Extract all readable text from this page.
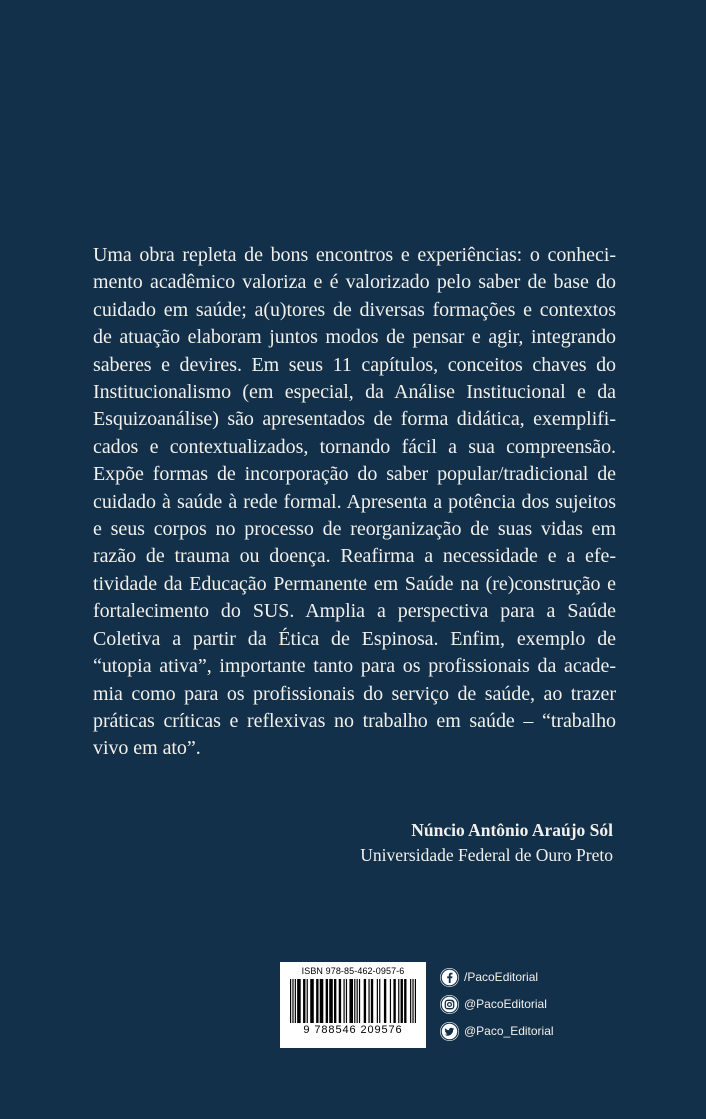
Uma obra repleta de bons encontros e experiências: o conhecimento acadêmico valoriza e é valorizado pelo saber de base do cuidado em saúde; a(u)tores de diversas formações e contextos de atuação elaboram juntos modos de pensar e agir, integrando saberes e devires. Em seus 11 capítulos, conceitos chaves do Institucionalismo (em especial, da Análise Institucional e da Esquizoanálise) são apresentados de forma didática, exemplificados e contextualizados, tornando fácil a sua compreensão. Expõe formas de incorporação do saber popular/tradicional de cuidado à saúde à rede formal. Apresenta a potência dos sujeitos e seus corpos no processo de reorganização de suas vidas em razão de trauma ou doença. Reafirma a necessidade e a efetividade da Educação Permanente em Saúde na (re)construção e fortalecimento do SUS. Amplia a perspectiva para a Saúde Coletiva a partir da Ética de Espinosa. Enfim, exemplo de “utopia ativa”, importante tanto para os profissionais da academia como para os profissionais do serviço de saúde, ao trazer práticas críticas e reflexivas no trabalho em saúde – “trabalho vivo em ato”.

Núncio Antônio Araújo Sól
Universidade Federal de Ouro Preto
ISBN 978-85-462-0957-6
9 788546 209576
/PacoEditorial
@PacoEditorial
@Paco_Editorial
